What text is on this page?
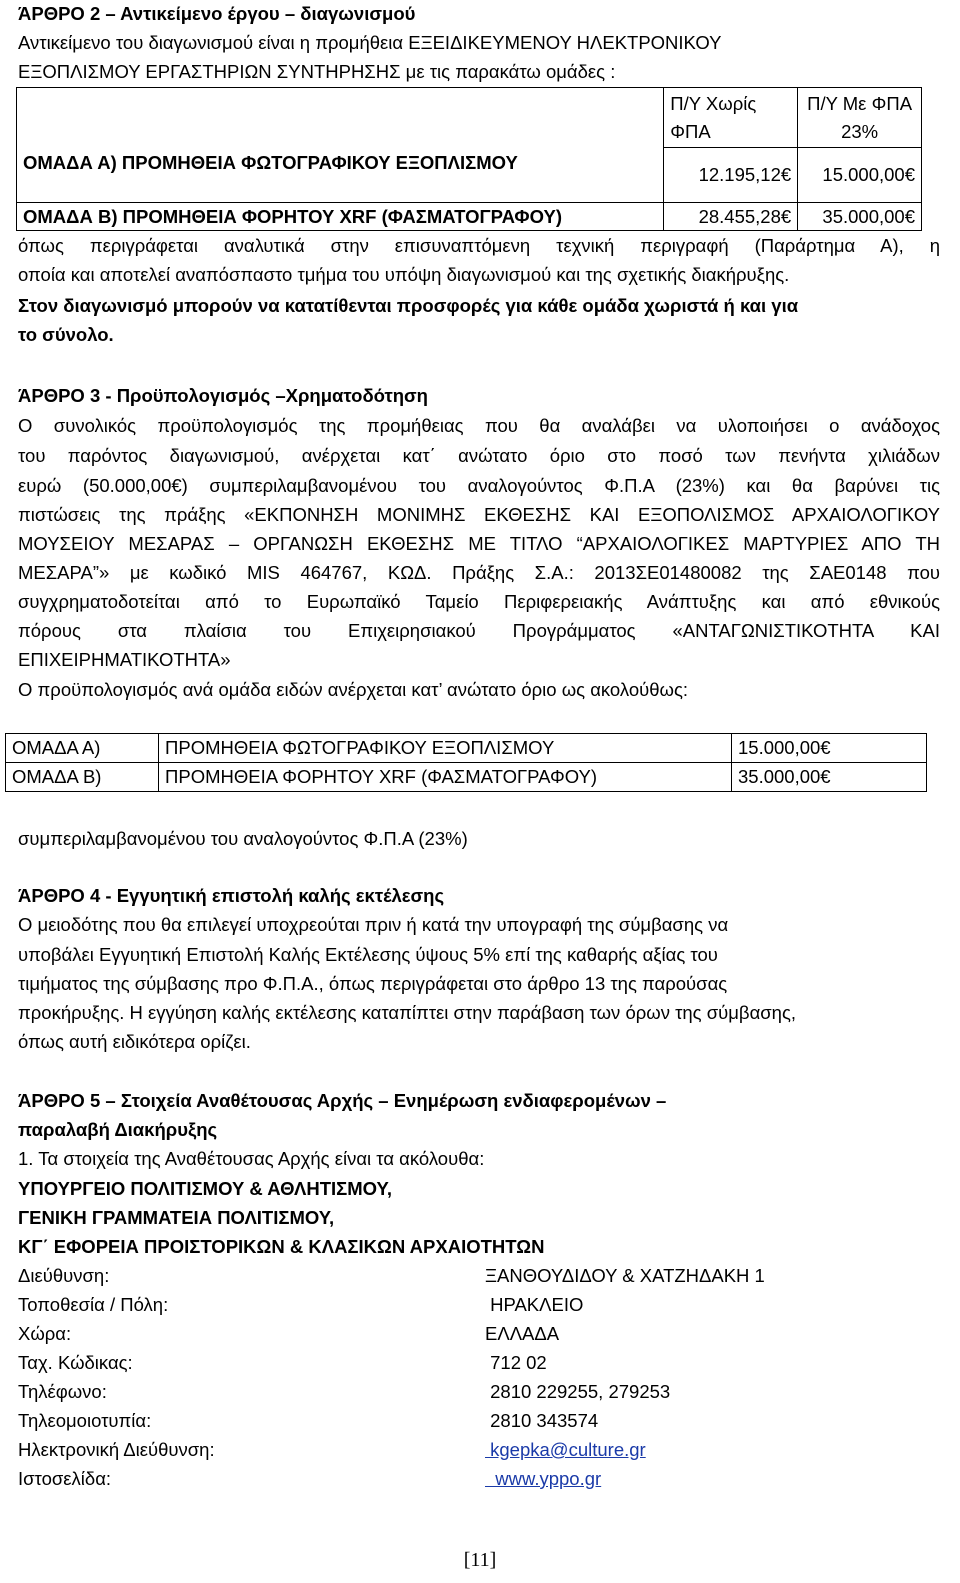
ΆΡΘΡΟ 2 – Αντικείμενο έργου – διαγωνισμού
Αντικείμενο του διαγωνισμού είναι η προμήθεια ΕΞΕΙΔΙΚΕΥΜΕΝΟΥ ΗΛΕΚΤΡΟΝΙΚΟΥ
ΕΞΟΠΛΙΣΜΟΥ ΕΡΓΑΣΤΗΡΙΩΝ ΣΥΝΤΗΡΗΣΗΣ με τις παρακάτω ομάδες :
	Π/Υ Χωρίς ΦΠΑ	Π/Υ Με ΦΠΑ 23%
ΟΜΑΔΑ Α) ΠΡΟΜΗΘΕΙΑ ΦΩΤΟΓΡΑΦΙΚΟΥ ΕΞΟΠΛΙΣΜΟΥ	12.195,12€	15.000,00€
ΟΜΑΔΑ Β) ΠΡΟΜΗΘΕΙΑ ΦΟΡΗΤΟΥ XRF (ΦΑΣΜΑΤΟΓΡΑΦΟΥ)	28.455,28€	35.000,00€
όπως περιγράφεται αναλυτικά στην επισυναπτόμενη τεχνική περιγραφή (Παράρτημα Α), η
οποία και αποτελεί αναπόσπαστο τμήμα του υπόψη διαγωνισμού και της σχετικής διακήρυξης.
Στον διαγωνισμό μπορούν να κατατίθενται προσφορές για κάθε ομάδα χωριστά ή και για
το σύνολο.
ΆΡΘΡΟ 3 - Προϋπολογισμός –Χρηματοδότηση
Ο συνολικός προϋπολογισμός της προμήθειας που θα αναλάβει να υλοποιήσει ο ανάδοχος
του παρόντος διαγωνισμού, ανέρχεται κατ΄ ανώτατο όριο στο ποσό των πενήντα χιλιάδων
ευρώ (50.000,00€) συμπεριλαμβανομένου του αναλογούντος Φ.Π.Α (23%) και θα βαρύνει τις
πιστώσεις της πράξης «ΕΚΠΟΝΗΣΗ ΜΟΝΙΜΗΣ ΕΚΘΕΣΗΣ ΚΑΙ ΕΞΟΠΟΛΙΣΜΟΣ ΑΡΧΑΙΟΛΟΓΙΚΟΥ
ΜΟΥΣΕΙΟΥ ΜΕΣΑΡΑΣ – ΟΡΓΑΝΩΣΗ ΕΚΘΕΣΗΣ ΜΕ ΤΙΤΛΟ “ΑΡΧΑΙΟΛΟΓΙΚΕΣ ΜΑΡΤΥΡΙΕΣ ΑΠΟ ΤΗ
ΜΕΣΑΡΑ”» με κωδικό MIS 464767, ΚΩΔ. Πράξης Σ.Α.: 2013ΣΕ01480082 της ΣΑΕ0148 που
συγχρηματοδοτείται από το Ευρωπαϊκό Ταμείο Περιφερειακής Ανάπτυξης και από εθνικούς
πόρους στα πλαίσια του Επιχειρησιακού Προγράμματος «ΑΝΤΑΓΩΝΙΣΤΙΚΟΤΗΤΑ ΚΑΙ
ΕΠΙΧΕΙΡΗΜΑΤΙΚΟΤΗΤΑ»
Ο προϋπολογισμός ανά ομάδα ειδών ανέρχεται κατ’ ανώτατο όριο ως ακολούθως:
ΟΜΑΔΑ Α)	ΠΡΟΜΗΘΕΙΑ ΦΩΤΟΓΡΑΦΙΚΟΥ ΕΞΟΠΛΙΣΜΟΥ	15.000,00€
ΟΜΑΔΑ Β)	ΠΡΟΜΗΘΕΙΑ ΦΟΡΗΤΟΥ XRF (ΦΑΣΜΑΤΟΓΡΑΦΟΥ)	35.000,00€
συμπεριλαμβανομένου του αναλογούντος Φ.Π.Α (23%)
ΆΡΘΡΟ 4 - Εγγυητική επιστολή καλής εκτέλεσης
Ο μειοδότης που θα επιλεγεί υποχρεούται πριν ή κατά την υπογραφή της σύμβασης να
υποβάλει Εγγυητική Επιστολή Καλής Εκτέλεσης ύψους 5% επί της καθαρής αξίας του
τιμήματος της σύμβασης προ Φ.Π.Α., όπως περιγράφεται στο άρθρο 13 της παρούσας
προκήρυξης. Η εγγύηση καλής εκτέλεσης καταπίπτει στην παράβαση των όρων της σύμβασης,
όπως αυτή ειδικότερα ορίζει.
ΆΡΘΡΟ 5 – Στοιχεία Αναθέτουσας Αρχής – Ενημέρωση ενδιαφερομένων –
παραλαβή Διακήρυξης
1. Τα στοιχεία της Αναθέτουσας Αρχής είναι τα ακόλουθα:
ΥΠΟΥΡΓΕΙΟ ΠΟΛΙΤΙΣΜΟΥ & ΑΘΛΗΤΙΣΜΟΥ,
ΓΕΝΙΚΗ ΓΡΑΜΜΑΤΕΙΑ ΠΟΛΙΤΙΣΜΟΥ,
ΚΓ΄ ΕΦΟΡΕΙΑ ΠΡΟΙΣΤΟΡΙΚΩΝ & ΚΛΑΣΙΚΩΝ ΑΡΧΑΙΟΤΗΤΩΝ
Διεύθυνση:	ΞΑΝΘΟΥΔΙΔΟΥ & ΧΑΤΖΗΔΑΚΗ 1
Τοποθεσία / Πόλη:	ΗΡΑΚΛΕΙΟ
Χώρα:	ΕΛΛΑΔΑ
Ταχ. Κώδικας:	712 02
Τηλέφωνο:	2810 229255, 279253
Τηλεομοιοτυπία:	2810 343574
Ηλεκτρονική Διεύθυνση:	kgepka@culture.gr
Ιστοσελίδα:	www.yppo.gr
[11]
